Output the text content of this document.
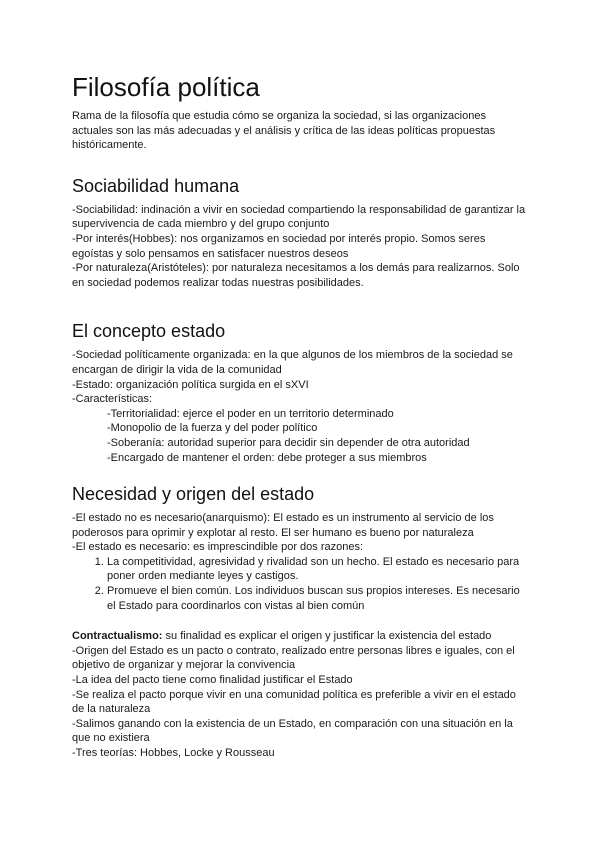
Filosofía política

Rama de la filosofía que estudia cómo se organiza la sociedad, si las organizaciones actuales son las más adecuadas y el análisis y crítica de las ideas políticas propuestas históricamente.

Sociabilidad humana

-Sociabilidad: indinación a vivir en sociedad compartiendo la responsabilidad de garantizar la supervivencia de cada miembro y del grupo conjunto

-Por interés(Hobbes): nos organizamos en sociedad por interés propio. Somos seres egoístas y solo pensamos en satisfacer nuestros deseos

-Por naturaleza(Aristóteles): por naturaleza necesitamos a los demás para realizarnos. Solo en sociedad podemos realizar todas nuestras posibilidades.

El concepto estado

-Sociedad políticamente organizada: en la que algunos de los miembros de la sociedad se encargan de dirigir la vida de la comunidad

-Estado: organización política surgida en el sXVI

-Características:

-Territorialidad: ejerce el poder en un territorio determinado

-Monopolio de la fuerza y del poder político

-Soberanía: autoridad superior para decidir sin depender de otra autoridad

-Encargado de mantener el orden: debe proteger a sus miembros

Necesidad y origen del estado

-El estado no es necesario(anarquismo): El estado es un instrumento al servicio de los poderosos para oprimir y explotar al resto. El ser humano es bueno por naturaleza

-El estado es necesario: es imprescindible por dos razones:

1. La competitividad, agresividad y rivalidad son un hecho. El estado es necesario para poner orden mediante leyes y castigos.
2. Promueve el bien común. Los individuos buscan sus propios intereses. Es necesario el Estado para coordinarlos con vistas al bien común

Contractualismo: su finalidad es explicar el origen y justificar la existencia del estado

-Origen del Estado es un pacto o contrato, realizado entre personas libres e iguales, con el objetivo de organizar y mejorar la convivencia

-La idea del pacto tiene como finalidad justificar el Estado

-Se realiza el pacto porque vivir en una comunidad política es preferible a vivir en el estado de la naturaleza

-Salimos ganando con la existencia de un Estado, en comparación con una situación en la que no existiera

-Tres teorías: Hobbes, Locke y Rousseau
